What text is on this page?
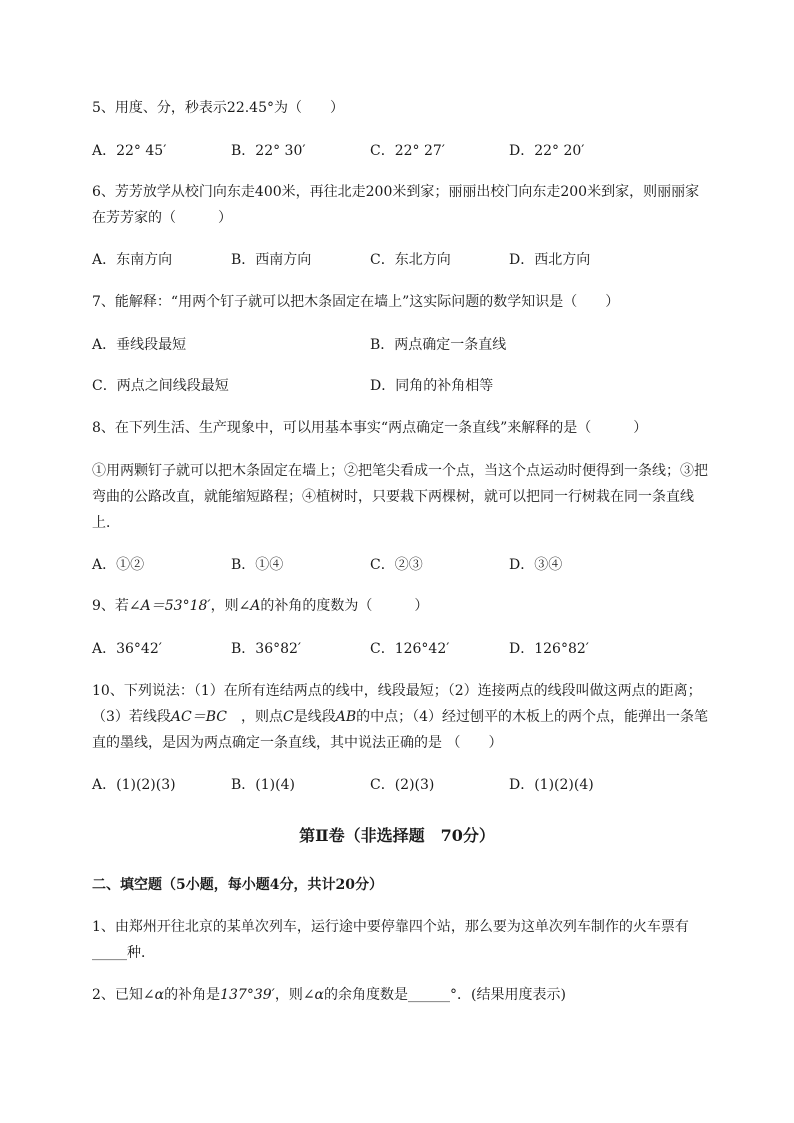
5、用度、分，秒表示22.45°为（　　）
A．22° 45′	B．22° 30′	C．22° 27′	D．22° 20′
6、芳芳放学从校门向东走400米，再往北走200米到家；丽丽出校门向东走200米到家，则丽丽家
在芳芳家的（　　　）
A．东南方向	B．西南方向	C．东北方向	D．西北方向
7、能解释：“用两个钉子就可以把木条固定在墙上”这实际问题的数学知识是（　　）
A．垂线段最短	B．两点确定一条直线
C．两点之间线段最短	D．同角的补角相等
8、在下列生活、生产现象中，可以用基本事实“两点确定一条直线”来解释的是（　　　）
①用两颗钉子就可以把木条固定在墙上；②把笔尖看成一个点，当这个点运动时便得到一条线；③把
弯曲的公路改直，就能缩短路程；④植树时，只要栽下两棵树，就可以把同一行树栽在同一条直线
上．
A．①②	B．①④	C．②③	D．③④
9、若∠A＝53°18′，则∠A的补角的度数为（　　　）
A．36°42′	B．36°82′	C．126°42′	D．126°82′
10、下列说法：（1）在所有连结两点的线中，线段最短；（2）连接两点的线段叫做这两点的距离；
（3）若线段AC＝BC　，则点C是线段AB的中点；（4）经过刨平的木板上的两个点，能弹出一条笔
直的墨线，是因为两点确定一条直线，其中说法正确的是 （　　）
A．(1)(2)(3)	B．(1)(4)	C．(2)(3)	D．(1)(2)(4)
第Ⅱ卷（非选择题　70分）
二、填空题（5小题，每小题4分，共计20分）
1、由郑州开往北京的某单次列车，运行途中要停靠四个站，那么要为这单次列车制作的火车票有
_____种．
2、已知∠α的补角是137°39′，则∠α的余角度数是______°．(结果用度表示)
